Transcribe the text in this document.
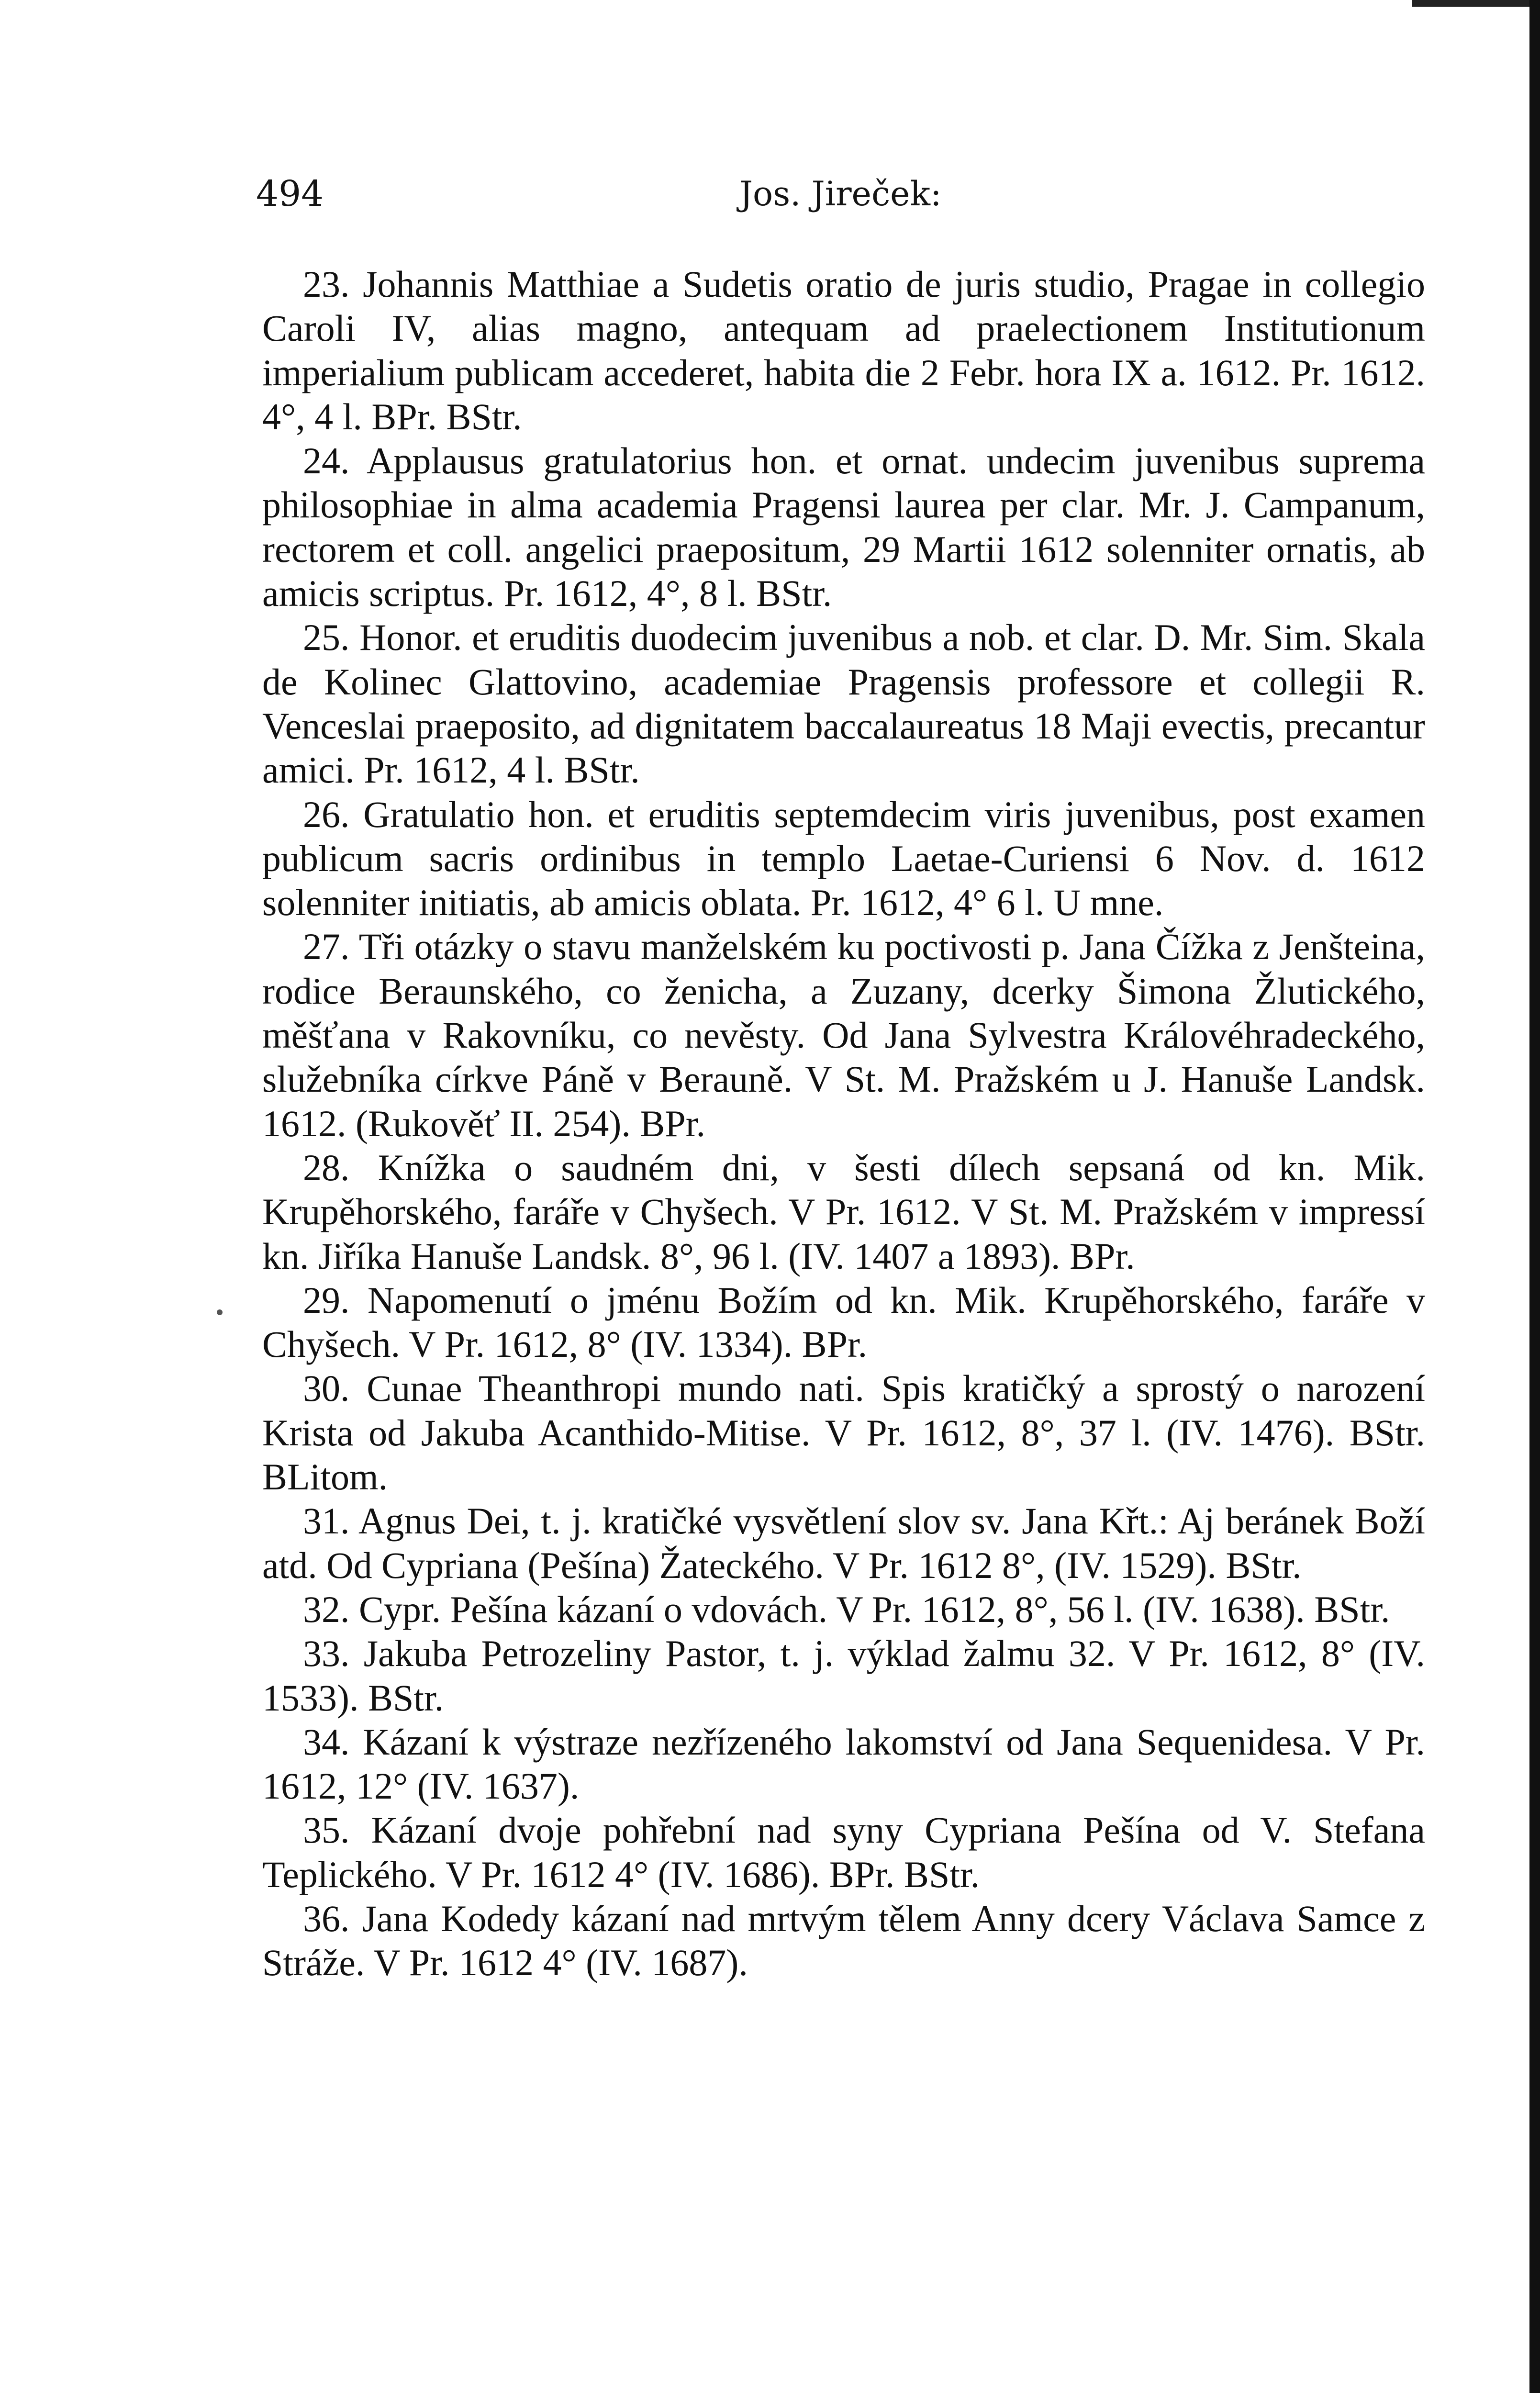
494	Jos. Jireček:

23. Johannis Matthiae a Sudetis oratio de juris studio, Pragae in collegio Caroli IV, alias magno, antequam ad praelectionem Institutionum imperialium publicam accederet, habita die 2 Febr. hora IX a. 1612. Pr. 1612. 4°, 4 l. BPr. BStr.

24. Applausus gratulatorius hon. et ornat. undecim juvenibus suprema philosophiae in alma academia Pragensi laurea per clar. Mr. J. Campanum, rectorem et coll. angelici praepositum, 29 Martii 1612 solenniter ornatis, ab amicis scriptus. Pr. 1612, 4°, 8 l. BStr.

25. Honor. et eruditis duodecim juvenibus a nob. et clar. D. Mr. Sim. Skala de Kolinec Glattovino, academiae Pragensis professore et collegii R. Venceslai praeposito, ad dignitatem baccalaureatus 18 Maji evectis, precantur amici. Pr. 1612, 4 l. BStr.

26. Gratulatio hon. et eruditis septemdecim viris juvenibus, post examen publicum sacris ordinibus in templo Laetae-Curiensi 6 Nov. d. 1612 solenniter initiatis, ab amicis oblata. Pr. 1612, 4° 6 l. U mne.

27. Tři otázky o stavu manželském ku poctivosti p. Jana Čížka z Jenšteina, rodice Beraunského, co ženicha, a Zuzany, dcerky Šimona Žlutického, měšťana v Rakovníku, co nevěsty. Od Jana Sylvestra Královéhradeckého, služebníka církve Páně v Berauně. V St. M. Pražském u J. Hanuše Landsk. 1612. (Rukověť II. 254). BPr.

28. Knížka o saudném dni, v šesti dílech sepsaná od kn. Mik. Krupěhorského, faráře v Chyšech. V Pr. 1612. V St. M. Pražském v impressí kn. Jiříka Hanuše Landsk. 8°, 96 l. (IV. 1407 a 1893). BPr.

29. Napomenutí o jménu Božím od kn. Mik. Krupěhorského, faráře v Chyšech. V Pr. 1612, 8° (IV. 1334). BPr.

30. Cunae Theanthropi mundo nati. Spis kratičký a sprostý o narození Krista od Jakuba Acanthido-Mitise. V Pr. 1612, 8°, 37 l. (IV. 1476). BStr. BLitom.

31. Agnus Dei, t. j. kratičké vysvětlení slov sv. Jana Křt.: Aj beránek Boží atd. Od Cypriana (Pešína) Žateckého. V Pr. 1612 8°, (IV. 1529). BStr.

32. Cypr. Pešína kázaní o vdovách. V Pr. 1612, 8°, 56 l. (IV. 1638). BStr.

33. Jakuba Petrozeliny Pastor, t. j. výklad žalmu 32. V Pr. 1612, 8° (IV. 1533). BStr.

34. Kázaní k výstraze nezřízeného lakomství od Jana Sequenidesa. V Pr. 1612, 12° (IV. 1637).

35. Kázaní dvoje pohřební nad syny Cypriana Pešína od V. Stefana Teplického. V Pr. 1612 4° (IV. 1686). BPr. BStr.

36. Jana Kodedy kázaní nad mrtvým tělem Anny dcery Václava Samce z Stráže. V Pr. 1612 4° (IV. 1687).
